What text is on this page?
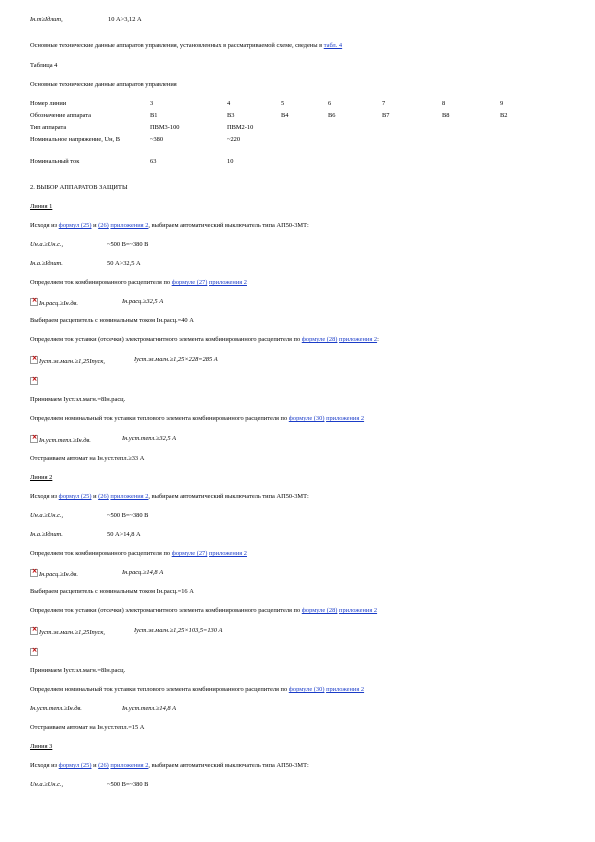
Iн.т≥Iдлит,	10 А>3,12 А
Основные технические данные аппаратов управления, установленных в рассматриваемой схеме, сведены в табл. 4
Таблица 4
Основные технические данные аппаратов управления
Номер линии	3	4	5	6	7	8	9
Обозначение аппарата	В1	В3	В4	В6	В7	В8	В2
Тип аппарата	ПВМ3-100	ПВМ2-10					
Номинальное напряжение, Uн, В	~380	~220					
Номинальный ток	63	10					
2. ВЫБОР АППАРАТОВ ЗАЩИТЫ
Линия 1
Исходя из формул (25) и (26) приложения 2, выбираем автоматический выключатель типа АП50-3МТ:
Uн.а.≥Uн.с.,	~500 В=~380 В
Iн.а.≥Iдлит.	50 А>32,5 А
Определяем ток комбинированного расцепителя по формуле (27) приложения 2
×Iн.расц.≥Iн.дв.	Iн.расц.≥32,5 А
Выбираем расцепитель с номинальным током Iн.расц.=40 А
Определяем ток уставки (отсечки) электромагнитного элемента комбинированного расцепителя по формуле (28) приложения 2:
×Iуст.эл.магн.≥1,25Iпуск,	Iуст.эл.магн.≥1,25×228=285 А
×
Принимаем Iуст.эл.магн.=8Iн.расц.
Определяем номинальный ток уставки теплового элемента комбинированного расцепителя по формуле (30) приложения 2
×Iн.уст.тепл.≥Iн.дв.	Iн.уст.тепл.≥32,5 А
Отстраиваем автомат на Iн.уст.тепл.≥33 А
Линия 2
Исходя из формул (25) и (26) приложения 2, выбираем автоматический выключатель типа АП50-3МТ:
Uн.а.≥Uн.с.,	~500 В=~380 В
Iн.а.≥Iдлит.	50 А>14,8 А
Определяем ток комбинированного расцепителя по формуле (27) приложения 2
×Iн.расц.≥Iн.дв.	Iн.расц.≥14,8 А
Выбираем расцепитель с номинальным током Iн.расц.=16 А
Определяем ток уставки (отсечки) электромагнитного элемента комбинированного расцепителя по формуле (28) приложения 2
×Iуст.эл.магн.≥1,25Iпуск,	Iуст.эл.магн.≥1,25×103,5=130 А
×
Принимаем Iуст.эл.магн.=8Iн.расц.
Определяем номинальный ток уставки теплового элемента комбинированного расцепителя по формуле (30) приложения 2
Iн.уст.тепл.≥Iн.дв.	Iн.уст.тепл.≥14,8 А
Отстраиваем автомат на Iн.уст.тепл.=15 А
Линия 3
Исходя из формул (25) и (26) приложения 2, выбираем автоматический выключатель типа АП50-3МТ:
Uн.а.≥Uн.с.,	~500 В=~380 В
